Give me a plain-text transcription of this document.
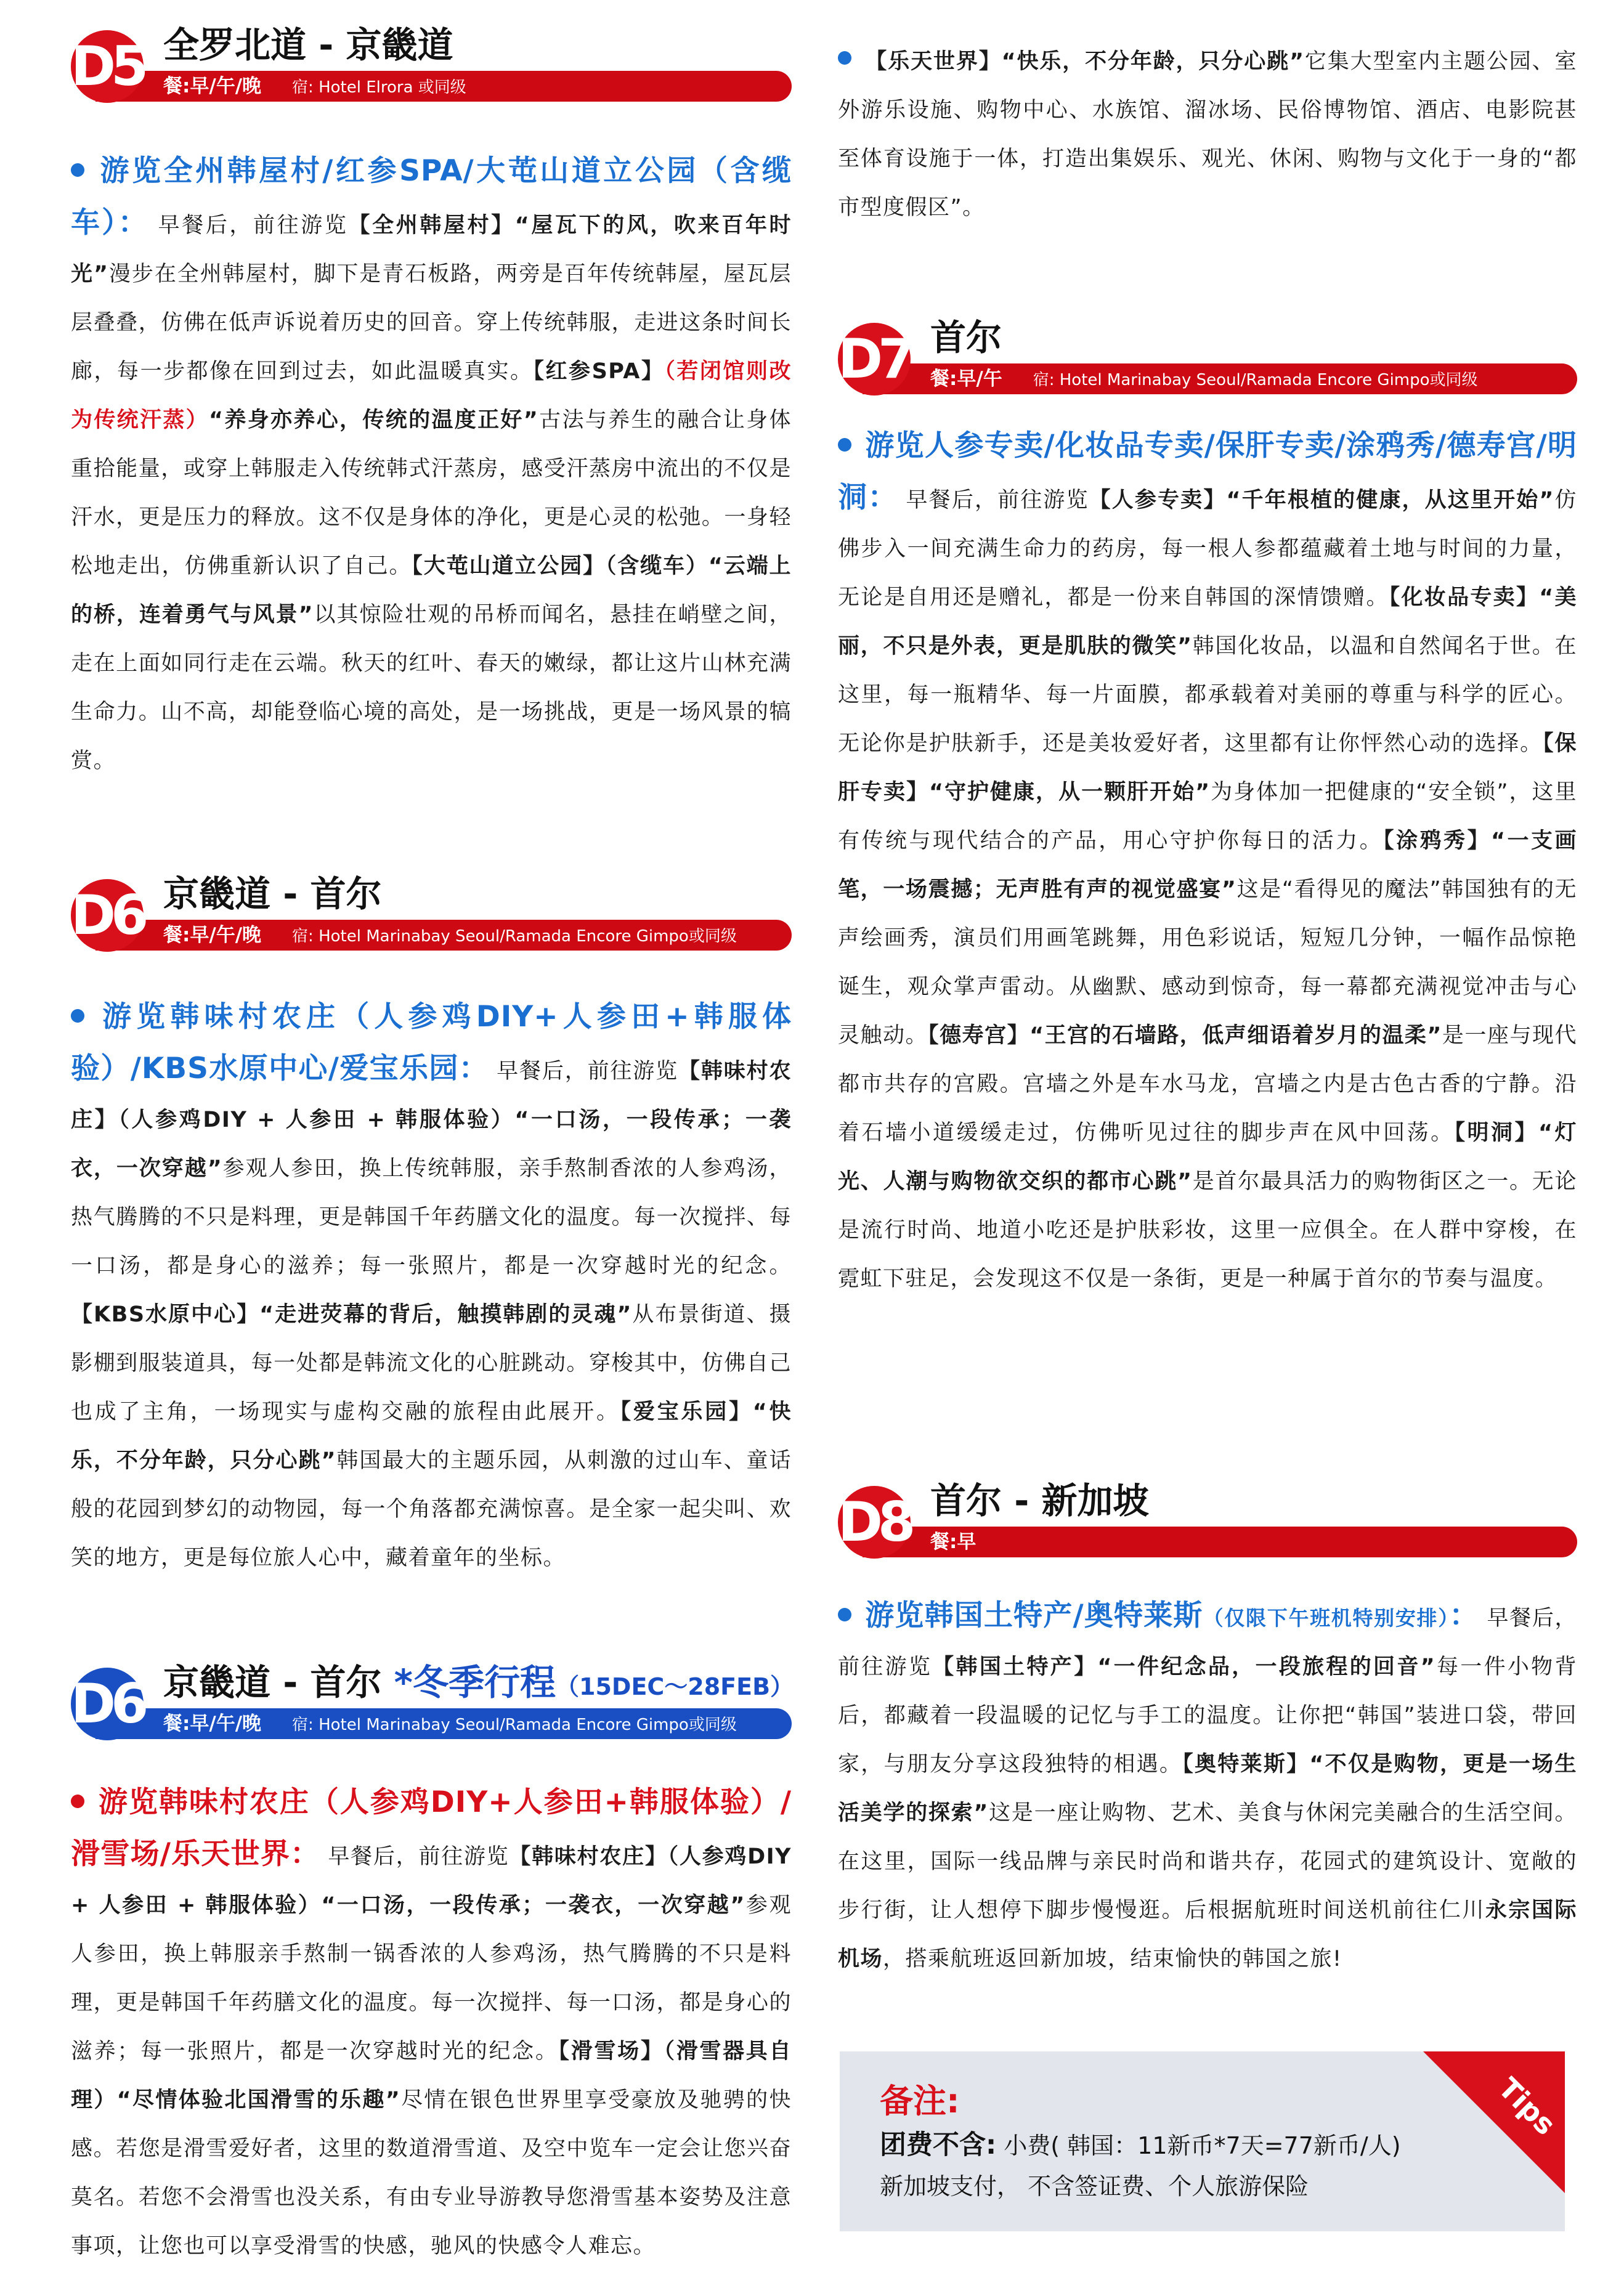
D5 全罗北道 - 京畿道
餐:早/午/晚 宿: Hotel Elrora 或同级

游览全州韩屋村/红参SPA/大芚山道立公园（含缆车）： 早餐后，前往游览【全州韩屋村】“屋瓦下的风，吹来百年时光”漫步在全州韩屋村，脚下是青石板路，两旁是百年传统韩屋，屋瓦层层叠叠，仿佛在低声诉说着历史的回音。穿上传统韩服，走进这条时间长廊，每一步都像在回到过去，如此温暖真实。【红参SPA】（若闭馆则改为传统汗蒸）“养身亦养心，传统的温度正好”古法与养生的融合让身体重拾能量，或穿上韩服走入传统韩式汗蒸房，感受汗蒸房中流出的不仅是汗水，更是压力的释放。这不仅是身体的净化，更是心灵的松弛。一身轻松地走出，仿佛重新认识了自己。【大芚山道立公园】（含缆车）“云端上的桥，连着勇气与风景”以其惊险壮观的吊桥而闻名，悬挂在峭壁之间，走在上面如同行走在云端。秋天的红叶、春天的嫩绿，都让这片山林充满生命力。山不高，却能登临心境的高处，是一场挑战，更是一场风景的犒赏。

D6 京畿道 - 首尔
餐:早/午/晚 宿: Hotel Marinabay Seoul/Ramada Encore Gimpo或同级

游览韩味村农庄（人参鸡DIY+人参田+韩服体验）/KBS水原中心/爱宝乐园： 早餐后，前往游览【韩味村农庄】（人参鸡DIY + 人参田 + 韩服体验）“一口汤，一段传承；一袭衣，一次穿越”参观人参田，换上传统韩服，亲手熬制香浓的人参鸡汤，热气腾腾的不只是料理，更是韩国千年药膳文化的温度。每一次搅拌、每一口汤，都是身心的滋养；每一张照片，都是一次穿越时光的纪念。【KBS水原中心】“走进荧幕的背后，触摸韩剧的灵魂”从布景街道、摄影棚到服装道具，每一处都是韩流文化的心脏跳动。穿梭其中，仿佛自己也成了主角，一场现实与虚构交融的旅程由此展开。【爱宝乐园】“快乐，不分年龄，只分心跳”韩国最大的主题乐园，从刺激的过山车、童话般的花园到梦幻的动物园，每一个角落都充满惊喜。是全家一起尖叫、欢笑的地方，更是每位旅人心中，藏着童年的坐标。

D6 京畿道 - 首尔 *冬季行程（15DEC～28FEB）
餐:早/午/晚 宿: Hotel Marinabay Seoul/Ramada Encore Gimpo或同级

游览韩味村农庄（人参鸡DIY+人参田+韩服体验）/滑雪场/乐天世界： 早餐后，前往游览【韩味村农庄】（人参鸡DIY + 人参田 + 韩服体验）“一口汤，一段传承；一袭衣，一次穿越”参观人参田，换上韩服亲手熬制一锅香浓的人参鸡汤，热气腾腾的不只是料理，更是韩国千年药膳文化的温度。每一次搅拌、每一口汤，都是身心的滋养；每一张照片，都是一次穿越时光的纪念。【滑雪场】（滑雪器具自理）“尽情体验北国滑雪的乐趣”尽情在银色世界里享受豪放及驰骋的快感。若您是滑雪爱好者，这里的数道滑雪道、及空中览车一定会让您兴奋莫名。若您不会滑雪也没关系，有由专业导游教导您滑雪基本姿势及注意事项，让您也可以享受滑雪的快感，驰风的快感令人难忘。

【乐天世界】“快乐，不分年龄，只分心跳”它集大型室内主题公园、室外游乐设施、购物中心、水族馆、溜冰场、民俗博物馆、酒店、电影院甚至体育设施于一体，打造出集娱乐、观光、休闲、购物与文化于一身的“都市型度假区”。

D7 首尔
餐:早/午 宿: Hotel Marinabay Seoul/Ramada Encore Gimpo或同级

游览人参专卖/化妆品专卖/保肝专卖/涂鸦秀/德寿宫/明洞： 早餐后，前往游览【人参专卖】“千年根植的健康，从这里开始”仿佛步入一间充满生命力的药房，每一根人参都蕴藏着土地与时间的力量，无论是自用还是赠礼，都是一份来自韩国的深情馈赠。【化妆品专卖】“美丽，不只是外表，更是肌肤的微笑”韩国化妆品，以温和自然闻名于世。在这里，每一瓶精华、每一片面膜，都承载着对美丽的尊重与科学的匠心。无论你是护肤新手，还是美妆爱好者，这里都有让你怦然心动的选择。【保肝专卖】“守护健康，从一颗肝开始”为身体加一把健康的“安全锁”，这里有传统与现代结合的产品，用心守护你每日的活力。【涂鸦秀】“一支画笔，一场震撼；无声胜有声的视觉盛宴”这是“看得见的魔法”韩国独有的无声绘画秀，演员们用画笔跳舞，用色彩说话，短短几分钟，一幅作品惊艳诞生，观众掌声雷动。从幽默、感动到惊奇，每一幕都充满视觉冲击与心灵触动。【德寿宫】“王宫的石墙路，低声细语着岁月的温柔”是一座与现代都市共存的宫殿。宫墙之外是车水马龙，宫墙之内是古色古香的宁静。沿着石墙小道缓缓走过，仿佛听见过往的脚步声在风中回荡。【明洞】“灯光、人潮与购物欲交织的都市心跳”是首尔最具活力的购物街区之一。无论是流行时尚、地道小吃还是护肤彩妆，这里一应俱全。在人群中穿梭，在霓虹下驻足，会发现这不仅是一条街，更是一种属于首尔的节奏与温度。

D8 首尔 - 新加坡
餐:早

游览韩国土特产/奥特莱斯（仅限下午班机特别安排）： 早餐后，前往游览【韩国土特产】“一件纪念品，一段旅程的回音”每一件小物背后，都藏着一段温暖的记忆与手工的温度。让你把“韩国”装进口袋，带回家，与朋友分享这段独特的相遇。【奥特莱斯】“不仅是购物，更是一场生活美学的探索”这是一座让购物、艺术、美食与休闲完美融合的生活空间。在这里，国际一线品牌与亲民时尚和谐共存，花园式的建筑设计、宽敞的步行街，让人想停下脚步慢慢逛。后根据航班时间送机前往仁川永宗国际机场，搭乘航班返回新加坡，结束愉快的韩国之旅!

Tips
备注:
团费不含: 小费( 韩国：11新币*7天=77新币/人)
新加坡支付， 不含签证费、个人旅游保险
